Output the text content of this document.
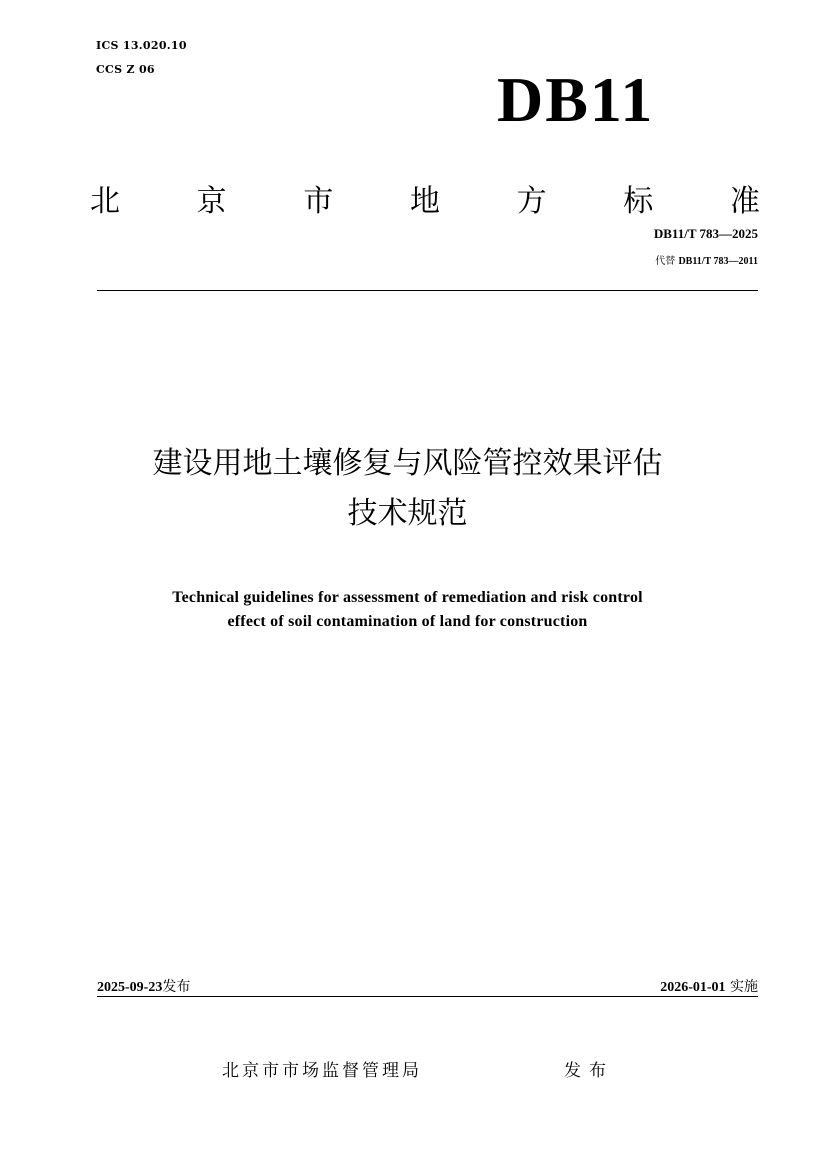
ICS 13.020.10
CCS Z 06	DB11
北	京	市	地	方	标	准
DB11/T 783—2025
代替 DB11/T 783—2011
建设用地土壤修复与风险管控效果评估
技术规范
Technical guidelines for assessment of remediation and risk control
effect of soil contamination of land for construction
2025-09-23发布	2026-01-01 实施
北京市市场监督管理局	发布
